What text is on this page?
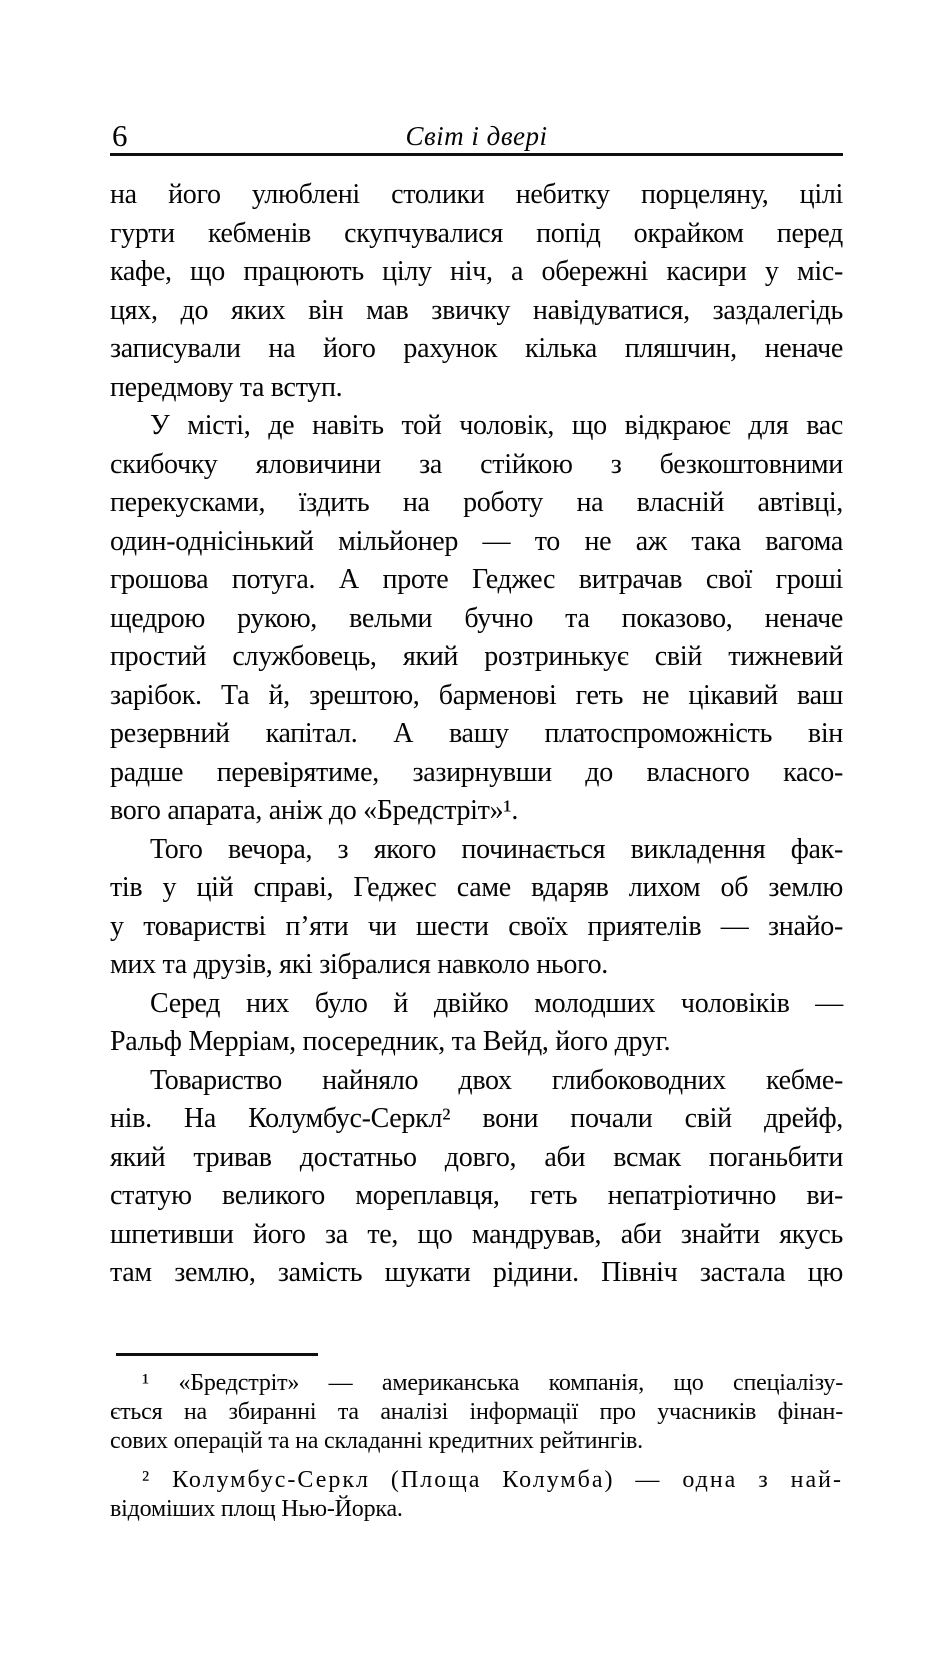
6	Світ і двері
на його улюблені столики небитку порцеляну, цілі
гурти кебменів скупчувалися попід окрайком перед
кафе, що працюють цілу ніч, а обережні касири у міс-
цях, до яких він мав звичку навідуватися, заздалегідь
записували на його рахунок кілька пляшчин, неначе
передмову та вступ.
У місті, де навіть той чоловік, що відкраює для вас
скибочку яловичини за стійкою з безкоштовними
перекусками, їздить на роботу на власній автівці,
один-однісінький мільйонер — то не аж така вагома
грошова потуга. А проте Геджес витрачав свої гроші
щедрою рукою, вельми бучно та показово, неначе
простий службовець, який розтринькує свій тижневий
зарібок. Та й, зрештою, барменові геть не цікавий ваш
резервний капітал. А вашу платоспроможність він
радше перевірятиме, зазирнувши до власного касо-
вого апарата, аніж до «Бредстріт»¹.
Того вечора, з якого починається викладення фак-
тів у цій справі, Геджес саме вдаряв лихом об землю
у товаристві п’яти чи шести своїх приятелів — знайо-
мих та друзів, які зібралися навколо нього.
Серед них було й двійко молодших чоловіків —
Ральф Мерріам, посередник, та Вейд, його друг.
Товариство найняло двох глибоководних кебме-
нів. На Колумбус-Серкл² вони почали свій дрейф,
який тривав достатньо довго, аби всмак поганьбити
статую великого мореплавця, геть непатріотично ви-
шпетивши його за те, що мандрував, аби знайти якусь
там землю, замість шукати рідини. Північ застала цю
¹ «Бредстріт» — американська компанія, що спеціалізу-
ється на збиранні та аналізі інформації про учасників фінан-
сових операцій та на складанні кредитних рейтингів.
² Колумбус-Серкл (Площа Колумба) — одна з най-
відоміших площ Нью-Йорка.
